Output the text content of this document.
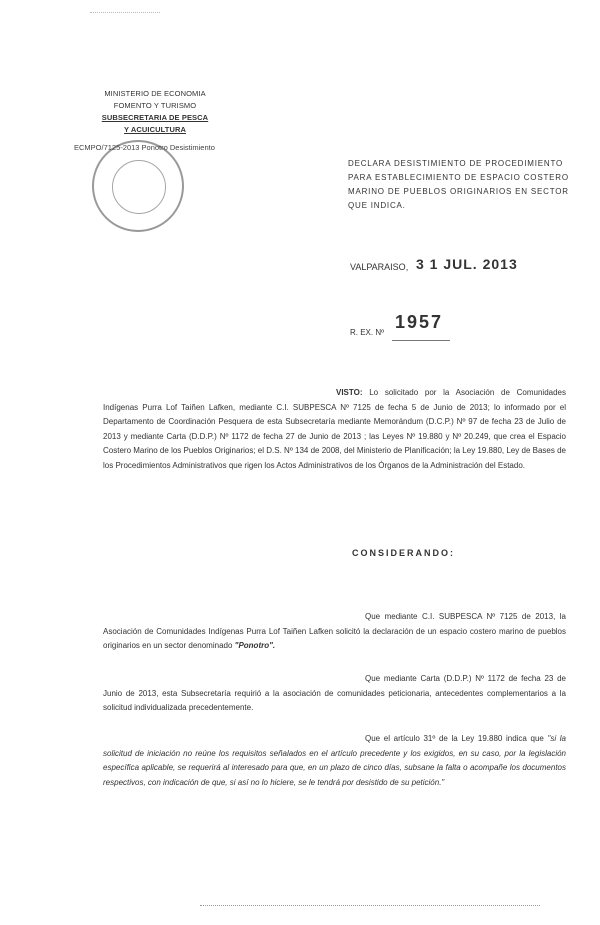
MINISTERIO DE ECONOMIA
FOMENTO Y TURISMO
SUBSECRETARIA DE PESCA
Y ACUICULTURA
ECMPO/7125-2013 Ponotro Desistimiento
DECLARA DESISTIMIENTO DE PROCEDIMIENTO PARA ESTABLECIMIENTO DE ESPACIO COSTERO MARINO DE PUEBLOS ORIGINARIOS EN SECTOR QUE INDICA.
VALPARAISO, 3 1 JUL. 2013
1957
R. EX. Nº
VISTO: Lo solicitado por la Asociación de Comunidades Indígenas Purra Lof Taiñen Lafken, mediante C.I. SUBPESCA Nº 7125 de fecha 5 de Junio de 2013; lo informado por el Departamento de Coordinación Pesquera de esta Subsecretaría mediante Memorándum (D.C.P.) Nº 97 de fecha 23 de Julio de 2013 y mediante Carta (D.D.P.) Nº 1172 de fecha 27 de Junio de 2013 ; las Leyes Nº 19.880 y Nº 20.249, que crea el Espacio Costero Marino de los Pueblos Originarios; el D.S. Nº 134 de 2008, del Ministerio de Planificación; la Ley 19.880, Ley de Bases de los Procedimientos Administrativos que rigen los Actos Administrativos de los Órganos de la Administración del Estado.
CONSIDERANDO:
Que mediante C.I. SUBPESCA Nº 7125 de 2013, la Asociación de Comunidades Indígenas Purra Lof Taiñen Lafken solicitó la declaración de un espacio costero marino de pueblos originarios en un sector denominado "Ponotro".
Que mediante Carta (D.D.P.) Nº 1172 de fecha 23 de Junio de 2013, esta Subsecretaría requirió a la asociación de comunidades peticionaria, antecedentes complementarios a la solicitud individualizada precedentemente.
Que el artículo 31º de la Ley 19.880 indica que "si la solicitud de iniciación no reúne los requisitos señalados en el artículo precedente y los exigidos, en su caso, por la legislación específica aplicable, se requerirá al interesado para que, en un plazo de cinco días, subsane la falta o acompañe los documentos respectivos, con indicación de que, si así no lo hiciere, se le tendrá por desistido de su petición."
